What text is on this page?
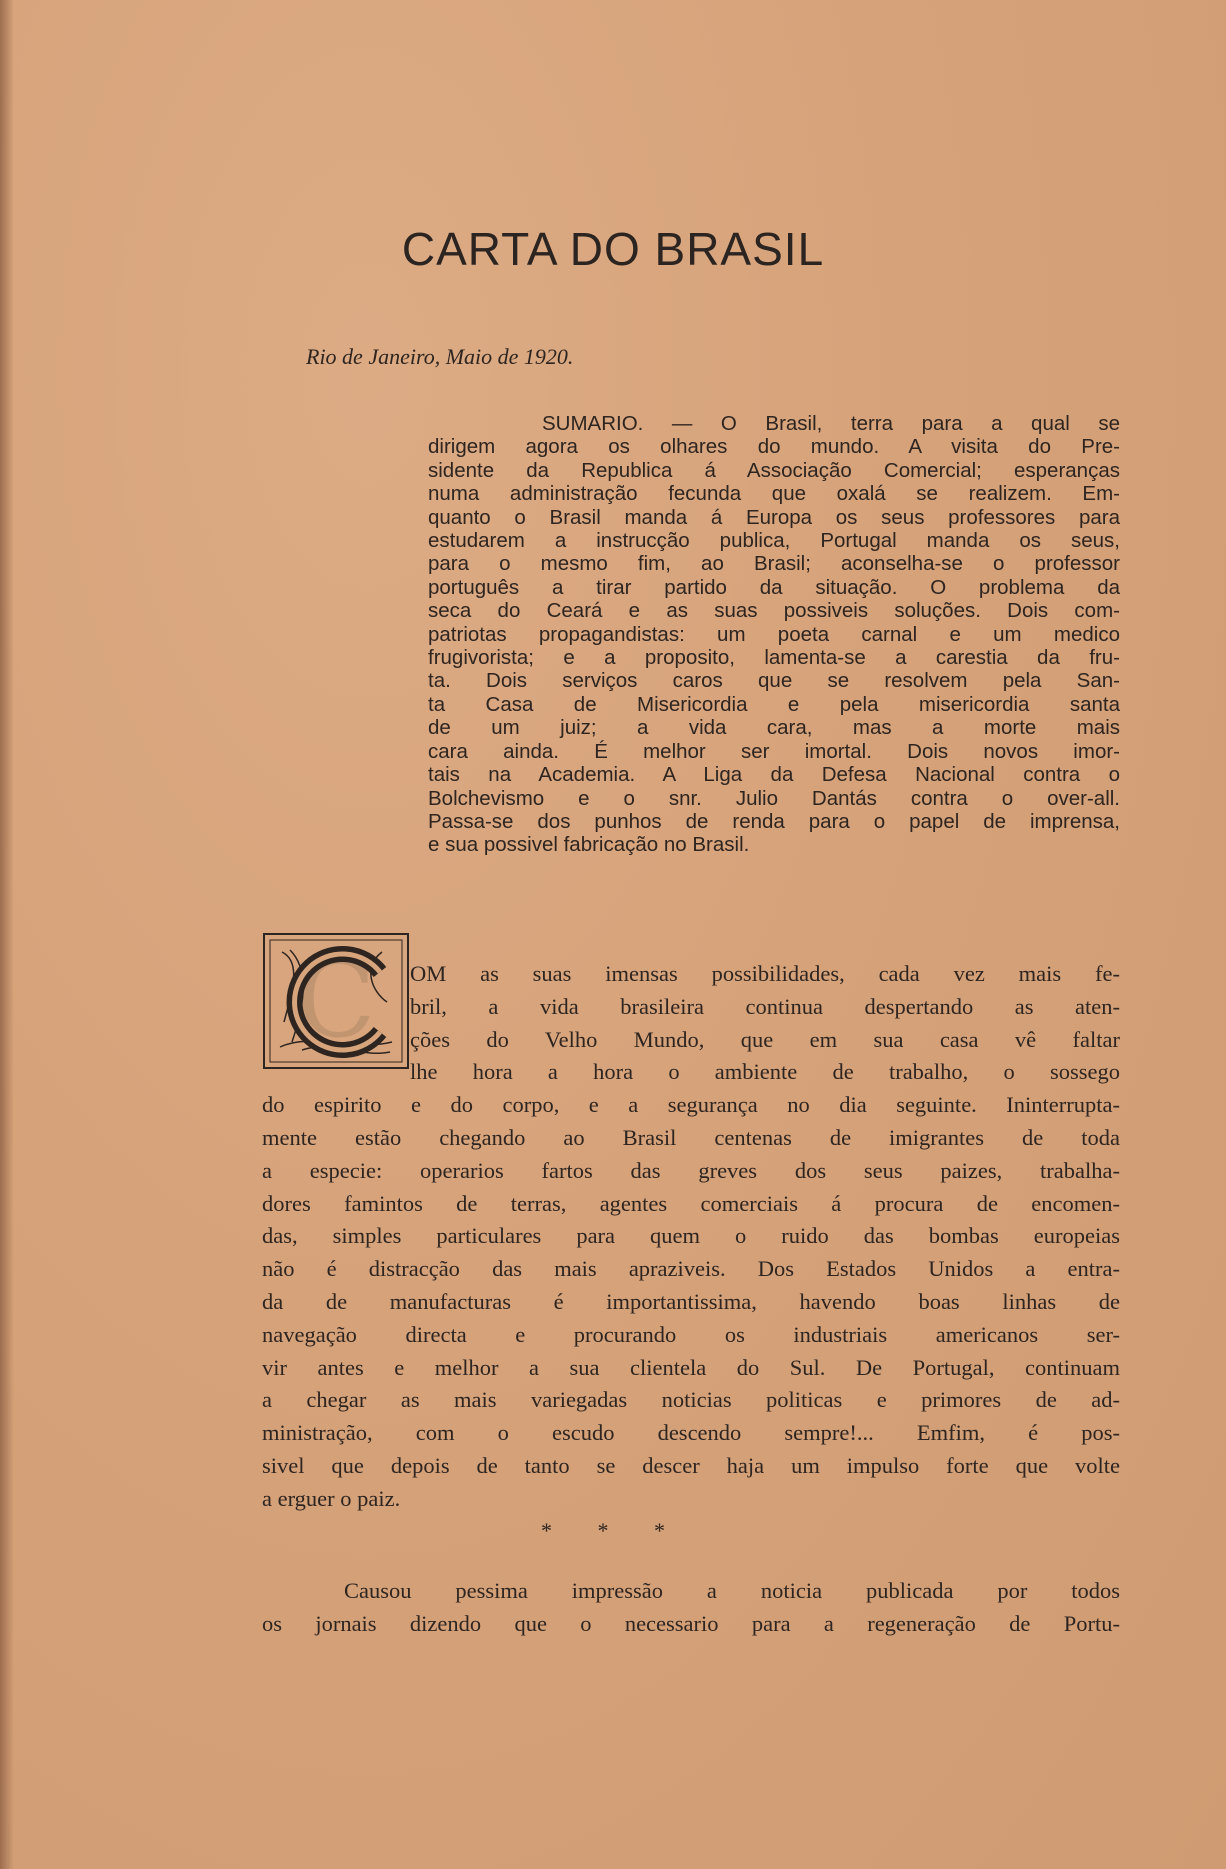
CARTA DO BRASIL
Rio de Janeiro, Maio de 1920.
SUMARIO. — O Brasil, terra para a qual se
dirigem agora os olhares do mundo. A visita do Pre-
sidente da Republica á Associação Comercial; esperanças
numa administração fecunda que oxalá se realizem. Em-
quanto o Brasil manda á Europa os seus professores para
estudarem a instrucção publica, Portugal manda os seus,
para o mesmo fim, ao Brasil; aconselha-se o professor
português a tirar partido da situação. O problema da
seca do Ceará e as suas possiveis soluções. Dois com-
patriotas propagandistas: um poeta carnal e um medico
frugivorista; e a proposito, lamenta-se a carestia da fru-
ta. Dois serviços caros que se resolvem pela San-
ta Casa de Misericordia e pela misericordia santa
de um juiz; a vida cara, mas a morte mais
cara ainda. É melhor ser imortal. Dois novos imor-
tais na Academia. A Liga da Defesa Nacional contra o
Bolchevismo e o snr. Julio Dantás contra o over-all.
Passa-se dos punhos de renda para o papel de imprensa,
e sua possivel fabricação no Brasil.
C	OM as suas imensas possibilidades, cada vez mais fe-
bril, a vida brasileira continua despertando as aten-
ções do Velho Mundo, que em sua casa vê faltar
lhe hora a hora o ambiente de trabalho, o sossego
do espirito e do corpo, e a segurança no dia seguinte. Ininterrupta-
mente estão chegando ao Brasil centenas de imigrantes de toda
a especie: operarios fartos das greves dos seus paizes, trabalha-
dores famintos de terras, agentes comerciais á procura de encomen-
das, simples particulares para quem o ruido das bombas europeias
não é distracção das mais apraziveis. Dos Estados Unidos a entra-
da de manufacturas é importantissima, havendo boas linhas de
navegação directa e procurando os industriais americanos ser-
vir antes e melhor a sua clientela do Sul. De Portugal, continuam
a chegar as mais variegadas noticias politicas e primores de ad-
ministração, com o escudo descendo sempre!... Emfim, é pos-
sivel que depois de tanto se descer haja um impulso forte que volte
a erguer o paiz.
* * *
Causou pessima impressão a noticia publicada por todos
os jornais dizendo que o necessario para a regeneração de Portu-
